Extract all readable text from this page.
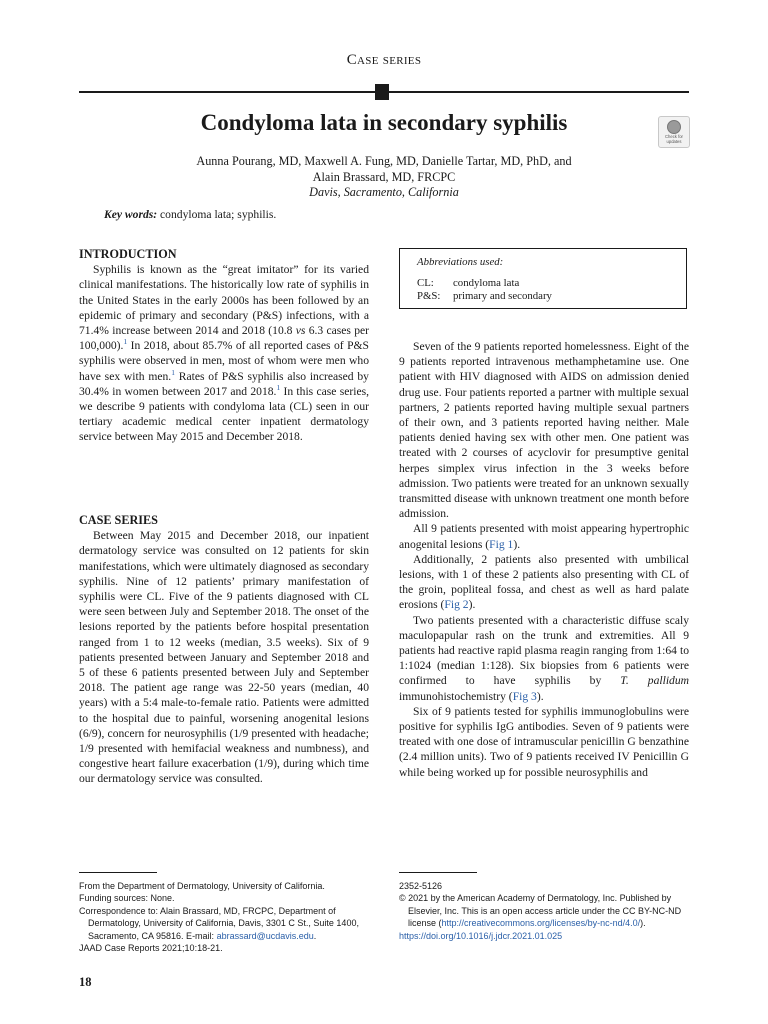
Case series
Condyloma lata in secondary syphilis
Check for updates
Aunna Pourang, MD, Maxwell A. Fung, MD, Danielle Tartar, MD, PhD, and
Alain Brassard, MD, FRCPC
Davis, Sacramento, California
Key words: condyloma lata; syphilis.
INTRODUCTION

Syphilis is known as the “great imitator” for its varied clinical manifestations. The historically low rate of syphilis in the United States in the early 2000s has been followed by an epidemic of primary and secondary (P&S) infections, with a 71.4% increase between 2014 and 2018 (10.8 vs 6.3 cases per 100,000).$^1$ In 2018, about 85.7% of all reported cases of P&S syphilis were observed in men, most of whom were men who have sex with men.$^1$ Rates of P&S syphilis also increased by 30.4% in women between 2017 and 2018.$^1$ In this case series, we describe 9 patients with condyloma lata (CL) seen in our tertiary academic medical center inpatient dermatology service between May 2015 and December 2018.

CASE SERIES

Between May 2015 and December 2018, our inpatient dermatology service was consulted on 12 patients for skin manifestations, which were ultimately diagnosed as secondary syphilis. Nine of 12 patients’ primary manifestation of syphilis were CL. Five of the 9 patients diagnosed with CL were seen between July and September 2018. The onset of the lesions reported by the patients before hospital presentation ranged from 1 to 12 weeks (median, 3.5 weeks). Six of 9 patients presented between January and September 2018 and 5 of these 6 patients presented between July and September 2018. The patient age range was 22-50 years (median, 40 years) with a 5:4 male-to-female ratio. Patients were admitted to the hospital due to painful, worsening anogenital lesions (6/9), concern for neurosyphilis (1/9 presented with headache; 1/9 presented with hemifacial weakness and numbness), and congestive heart failure exacerbation (1/9), during which time our dermatology service was consulted.

Abbreviations used:
CL: condyloma lata
P&S: primary and secondary

Seven of the 9 patients reported homelessness. Eight of the 9 patients reported intravenous methamphetamine use. One patient with HIV diagnosed with AIDS on admission denied drug use. Four patients reported a partner with multiple sexual partners, 2 patients reported having multiple sexual partners of their own, and 3 patients reported having neither. Male patients denied having sex with other men. One patient was treated with 2 courses of acyclovir for presumptive genital herpes simplex virus infection in the 3 weeks before admission. Two patients were treated for an unknown sexually transmitted disease with unknown treatment one month before admission.

All 9 patients presented with moist appearing hypertrophic anogenital lesions (Fig 1).

Additionally, 2 patients also presented with umbilical lesions, with 1 of these 2 patients also presenting with CL of the groin, popliteal fossa, and chest as well as hard palate erosions (Fig 2).

Two patients presented with a characteristic diffuse scaly maculopapular rash on the trunk and extremities. All 9 patients had reactive rapid plasma reagin ranging from 1:64 to 1:1024 (median 1:128). Six biopsies from 6 patients were confirmed to have syphilis by T. pallidum immunohistochemistry (Fig 3).

Six of 9 patients tested for syphilis immunoglobulins were positive for syphilis IgG antibodies. Seven of 9 patients were treated with one dose of intramuscular penicillin G benzathine (2.4 million units). Two of 9 patients received IV Penicillin G while being worked up for possible neurosyphilis and

From the Department of Dermatology, University of California.

Funding sources: None.

Correspondence to: Alain Brassard, MD, FRCPC, Department of Dermatology, University of California, Davis, 3301 C St., Suite 1400, Sacramento, CA 95816. E-mail: abrassard@ucdavis.edu.

JAAD Case Reports 2021;10:18-21.

2352-5126

© 2021 by the American Academy of Dermatology, Inc. Published by Elsevier, Inc. This is an open access article under the CC BY-NC-ND license (http://creativecommons.org/licenses/by-nc-nd/4.0/).

https://doi.org/10.1016/j.jdcr.2021.01.025

18
